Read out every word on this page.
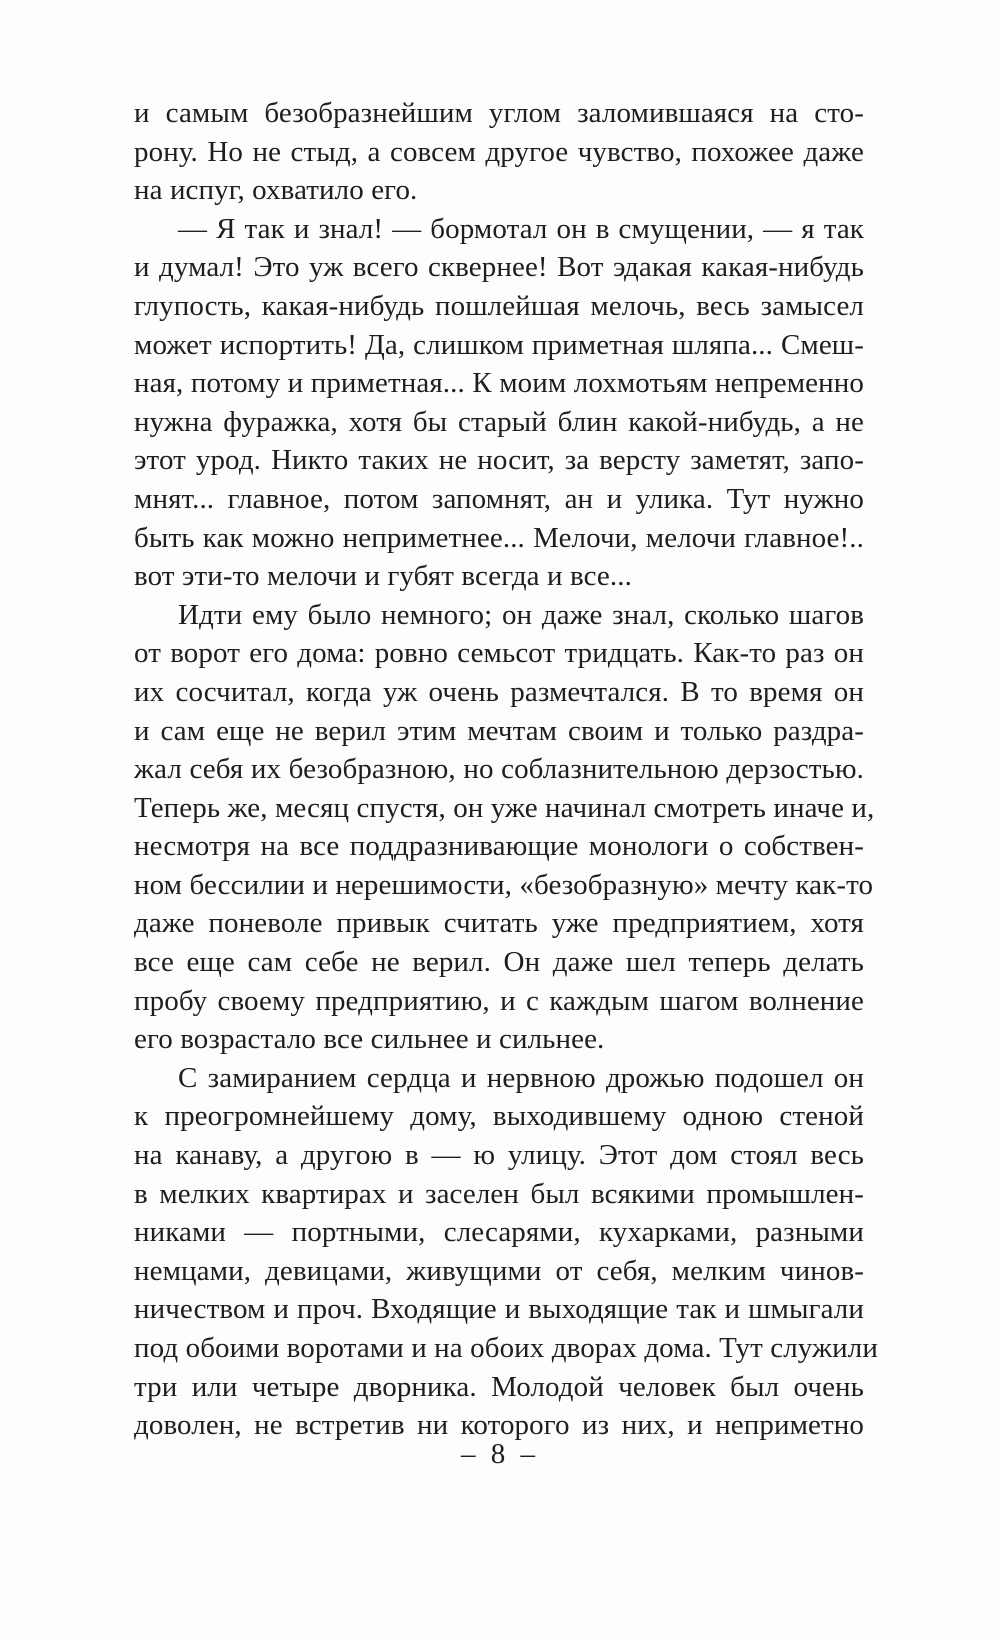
и самым безобразнейшим углом заломившаяся на сто-
рону. Но не стыд, а совсем другое чувство, похожее даже
на испуг, охватило его.
— Я так и знал! — бормотал он в смущении, — я так
и думал! Это уж всего сквернее! Вот эдакая какая-нибудь
глупость, какая-нибудь пошлейшая мелочь, весь замысел
может испортить! Да, слишком приметная шляпа... Смеш-
ная, потому и приметная... К моим лохмотьям непременно
нужна фуражка, хотя бы старый блин какой-нибудь, а не
этот урод. Никто таких не носит, за версту заметят, запо-
мнят... главное, потом запомнят, ан и улика. Тут нужно
быть как можно неприметнее... Мелочи, мелочи главное!..
вот эти-то мелочи и губят всегда и все...
Идти ему было немного; он даже знал, сколько шагов
от ворот его дома: ровно семьсот тридцать. Как-то раз он
их сосчитал, когда уж очень размечтался. В то время он
и сам еще не верил этим мечтам своим и только раздра-
жал себя их безобразною, но соблазнительною дерзостью.
Теперь же, месяц спустя, он уже начинал смотреть иначе и,
несмотря на все поддразнивающие монологи о собствен-
ном бессилии и нерешимости, «безобразную» мечту как-то
даже поневоле привык считать уже предприятием, хотя
все еще сам себе не верил. Он даже шел теперь делать
пробу своему предприятию, и с каждым шагом волнение
его возрастало все сильнее и сильнее.
С замиранием сердца и нервною дрожью подошел он
к преогромнейшему дому, выходившему одною стеной
на канаву, а другою в — ю улицу. Этот дом стоял весь
в мелких квартирах и заселен был всякими промышлен-
никами — портными, слесарями, кухарками, разными
немцами, девицами, живущими от себя, мелким чинов-
ничеством и проч. Входящие и выходящие так и шмыгали
под обоими воротами и на обоих дворах дома. Тут служили
три или четыре дворника. Молодой человек был очень
доволен, не встретив ни которого из них, и неприметно
– 8 –
